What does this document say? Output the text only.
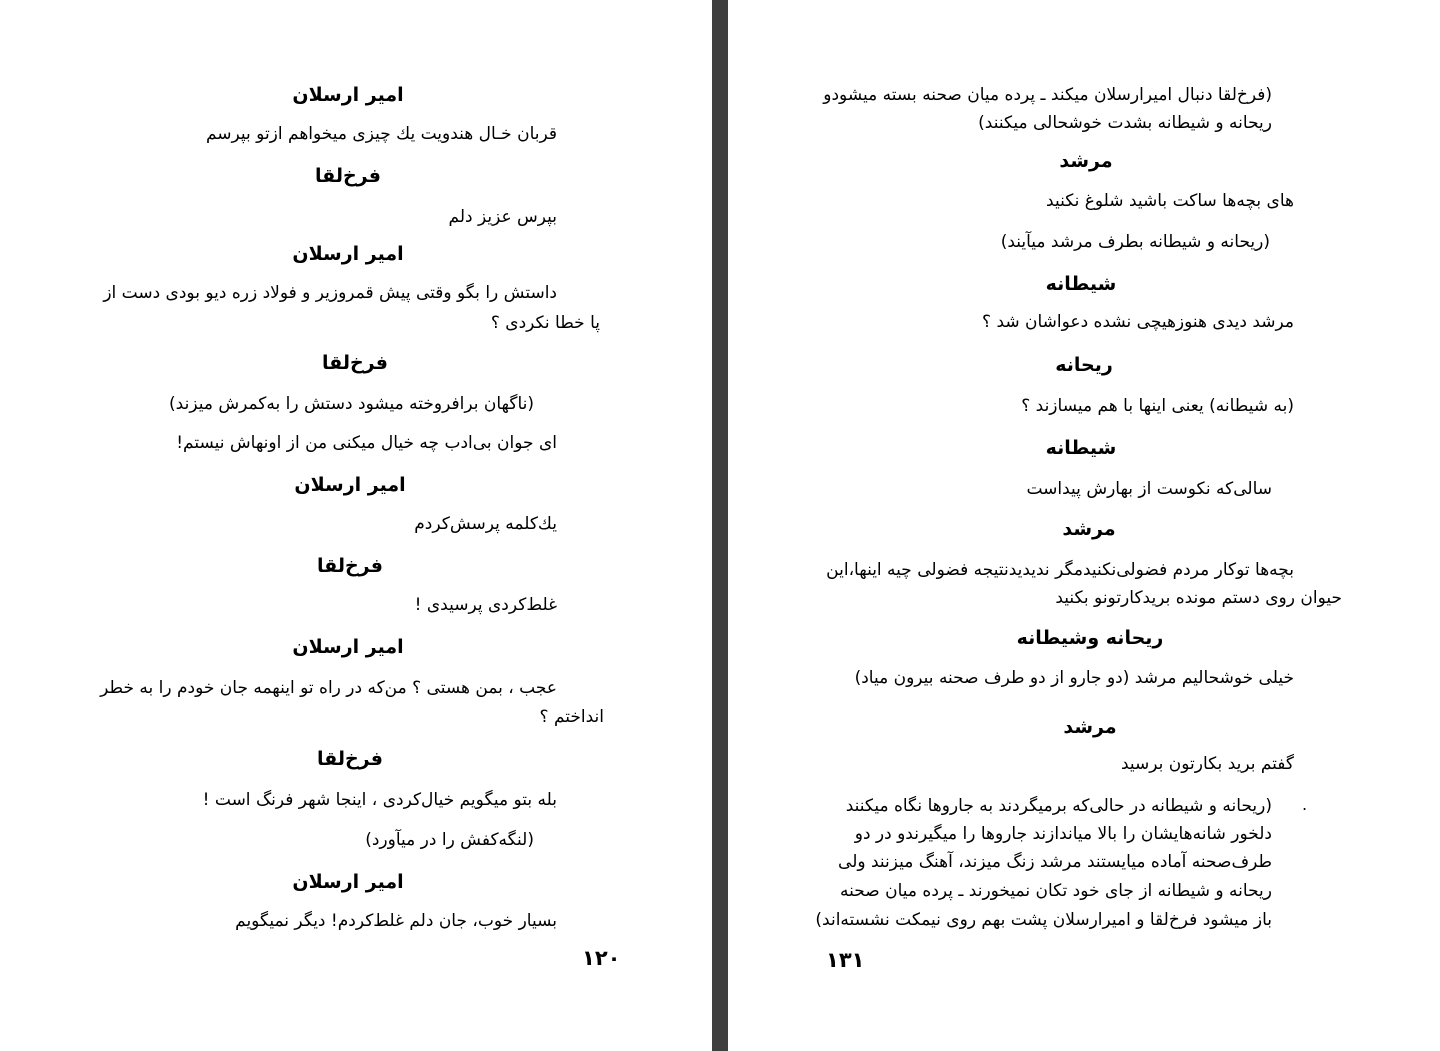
امیر ارسلان
قربان خـال هندویت يك چیزی میخواهم ازتو بپرسم
فرخ‌لقا
بپرس عزیز دلم
امیر ارسلان
داستش را بگو وقتی پیش قمروزیر و فولاد زره دیو بودی دست از
پا خطا نکردی ؟
فرخ‌لقا
(ناگهان برافروخته میشود دستش را به‌کمرش میزند)
ای جوان بی‌ادب چه خیال میکنی من از اونهاش نیستم!
امیر ارسلان
يك‌كلمه پرسش‌كردم
فرخ‌لقا
غلط‌کردی پرسیدی !
امیر ارسلان
عجب ، بمن هستی ؟ من‌که در راه تو اینهمه جان خودم را به خطر
انداختم ؟
فرخ‌لقا
بله بتو میگویم خیال‌کردی ، اینجا شهر فرنگ است !
(لنگه‌کفش را در میآورد)
امیر ارسلان
بسیار خوب، جان دلم غلط‌کردم! دیگر نمیگویم
۱۲۰
(فرخ‌لقا دنبال امیرارسلان میکند ـ پرده میان صحنه بسته میشودو
ریحانه و شیطانه بشدت خوشحالی میکنند)
مرشد
های بچه‌ها ساکت باشید شلوغ نکنید
(ریحانه و شیطانه بطرف مرشد میآیند)
شیطانه
مرشد دیدی هنوزهیچی نشده دعواشان شد ؟
ریحانه
(به شیطانه) یعنی اینها با هم میسازند ؟
شیطانه
سالی‌که نکوست از بهارش پیداست
مرشد
بچه‌ها توکار مردم فضولی‌نکنیدمگر ندیدیدنتیجه فضولی چیه اینها،این
حیوان روی دستم مونده بریدکارتونو بکنید
ریحانه وشیطانه
خیلی خوشحالیم مرشد (دو جارو از دو طرف صحنه بیرون میاد)
مرشد
گفتم برید بکارتون برسید
.
(ریحانه و شیطانه در حالی‌که برمیگردند به جاروها نگاه میکنند
دلخور شانه‌هایشان را بالا میاندازند جاروها را میگیرندو در دو
طرف‌صحنه آماده میایستند مرشد زنگ میزند، آهنگ میزنند ولی
ریحانه و شیطانه از جای خود تکان نمیخورند ـ پرده میان صحنه
باز میشود فرخ‌لقا و امیرارسلان پشت بهم روی نیمکت نشسته‌اند)
۱۳۱
